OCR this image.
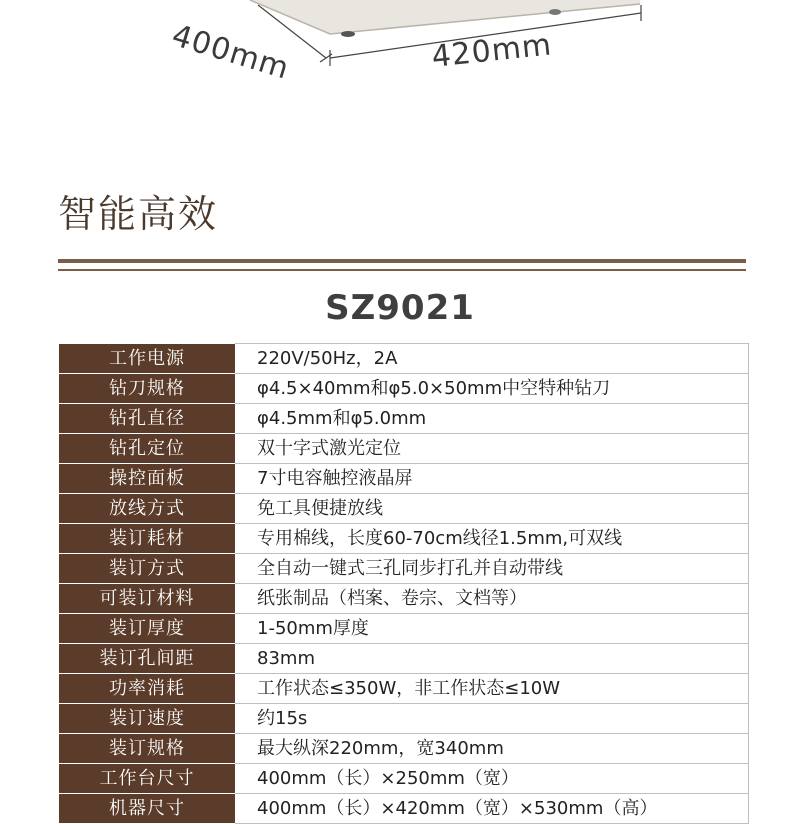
400mm	420mm
智能高效
SZ9021
工作电源	220V/50Hz，2A
钻刀规格	φ4.5×40mm和φ5.0×50mm中空特种钻刀
钻孔直径	φ4.5mm和φ5.0mm
钻孔定位	双十字式激光定位
操控面板	7寸电容触控液晶屏
放线方式	免工具便捷放线
装订耗材	专用棉线，长度60-70cm线径1.5mm,可双线
装订方式	全自动一键式三孔同步打孔并自动带线
可装订材料	纸张制品（档案、卷宗、文档等）
装订厚度	1-50mm厚度
装订孔间距	83mm
功率消耗	工作状态≤350W，非工作状态≤10W
装订速度	约15s
装订规格	最大纵深220mm，宽340mm
工作台尺寸	400mm（长）×250mm（宽）
机器尺寸	400mm（长）×420mm（宽）×530mm（高）
